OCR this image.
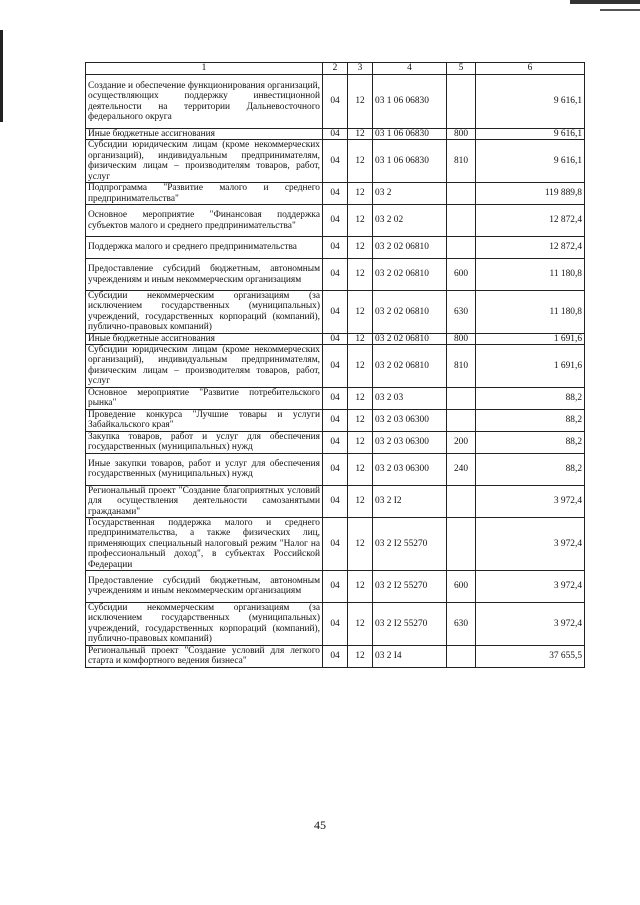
1	2	3	4	5	6
Создание и обеспечение функционирования организаций, осуществляющих поддержку инвестиционной деятельности на территории Дальневосточного федерального округа	04	12	03 1 06 06830		9 616,1
Иные бюджетные ассигнования	04	12	03 1 06 06830	800	9 616,1
Субсидии юридическим лицам (кроме некоммерческих организаций), индивидуальным предпринимателям, физическим лицам – производителям товаров, работ, услуг	04	12	03 1 06 06830	810	9 616,1
Подпрограмма "Развитие малого и среднего предпринимательства"	04	12	03 2		119 889,8
Основное мероприятие "Финансовая поддержка субъектов малого и среднего предпринимательства"	04	12	03 2 02		12 872,4
Поддержка малого и среднего предпринимательства	04	12	03 2 02 06810		12 872,4
Предоставление субсидий бюджетным, автономным учреждениям и иным некоммерческим организациям	04	12	03 2 02 06810	600	11 180,8
Субсидии некоммерческим организациям (за исключением государственных (муниципальных) учреждений, государственных корпораций (компаний), публично-правовых компаний)	04	12	03 2 02 06810	630	11 180,8
Иные бюджетные ассигнования	04	12	03 2 02 06810	800	1 691,6
Субсидии юридическим лицам (кроме некоммерческих организаций), индивидуальным предпринимателям, физическим лицам – производителям товаров, работ, услуг	04	12	03 2 02 06810	810	1 691,6
Основное мероприятие "Развитие потребительского рынка"	04	12	03 2 03		88,2
Проведение конкурса "Лучшие товары и услуги Забайкальского края"	04	12	03 2 03 06300		88,2
Закупка товаров, работ и услуг для обеспечения государственных (муниципальных) нужд	04	12	03 2 03 06300	200	88,2
Иные закупки товаров, работ и услуг для обеспечения государственных (муниципальных) нужд	04	12	03 2 03 06300	240	88,2
Региональный проект "Создание благоприятных условий для осуществления деятельности самозанятыми гражданами"	04	12	03 2 I2		3 972,4
Государственная поддержка малого и среднего предпринимательства, а также физических лиц, применяющих специальный налоговый режим "Налог на профессиональный доход", в субъектах Российской Федерации	04	12	03 2 I2 55270		3 972,4
Предоставление субсидий бюджетным, автономным учреждениям и иным некоммерческим организациям	04	12	03 2 I2 55270	600	3 972,4
Субсидии некоммерческим организациям (за исключением государственных (муниципальных) учреждений, государственных корпораций (компаний), публично-правовых компаний)	04	12	03 2 I2 55270	630	3 972,4
Региональный проект "Создание условий для легкого старта и комфортного ведения бизнеса"	04	12	03 2 I4		37 655,5
45
